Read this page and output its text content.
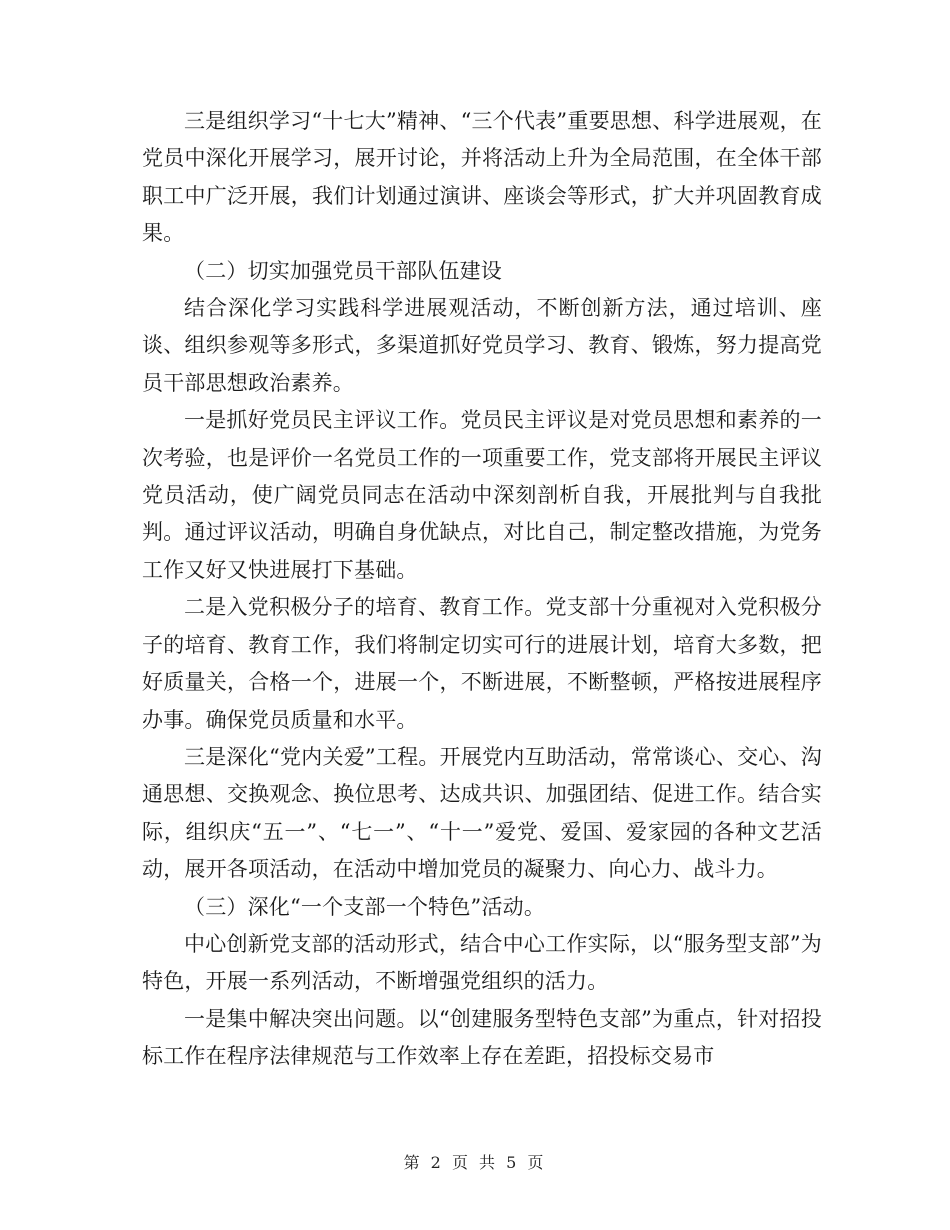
三是组织学习“十七大”精神、“三个代表”重要思想、科学进展观，在党员中深化开展学习，展开讨论，并将活动上升为全局范围，在全体干部职工中广泛开展，我们计划通过演讲、座谈会等形式，扩大并巩固教育成果。

（二）切实加强党员干部队伍建设

结合深化学习实践科学进展观活动，不断创新方法，通过培训、座谈、组织参观等多形式，多渠道抓好党员学习、教育、锻炼，努力提高党员干部思想政治素养。

一是抓好党员民主评议工作。党员民主评议是对党员思想和素养的一次考验，也是评价一名党员工作的一项重要工作，党支部将开展民主评议党员活动，使广阔党员同志在活动中深刻剖析自我，开展批判与自我批判。通过评议活动，明确自身优缺点，对比自己，制定整改措施，为党务工作又好又快进展打下基础。

二是入党积极分子的培育、教育工作。党支部十分重视对入党积极分子的培育、教育工作，我们将制定切实可行的进展计划，培育大多数，把好质量关，合格一个，进展一个，不断进展，不断整顿，严格按进展程序办事。确保党员质量和水平。

三是深化“党内关爱”工程。开展党内互助活动，常常谈心、交心、沟通思想、交换观念、换位思考、达成共识、加强团结、促进工作。结合实际，组织庆“五一”、“七一”、“十一”爱党、爱国、爱家园的各种文艺活动，展开各项活动，在活动中增加党员的凝聚力、向心力、战斗力。

（三）深化“一个支部一个特色”活动。

中心创新党支部的活动形式，结合中心工作实际，以“服务型支部”为特色，开展一系列活动，不断增强党组织的活力。

一是集中解决突出问题。以“创建服务型特色支部”为重点，针对招投标工作在程序法律规范与工作效率上存在差距，招投标交易市

第 2 页 共 5 页
